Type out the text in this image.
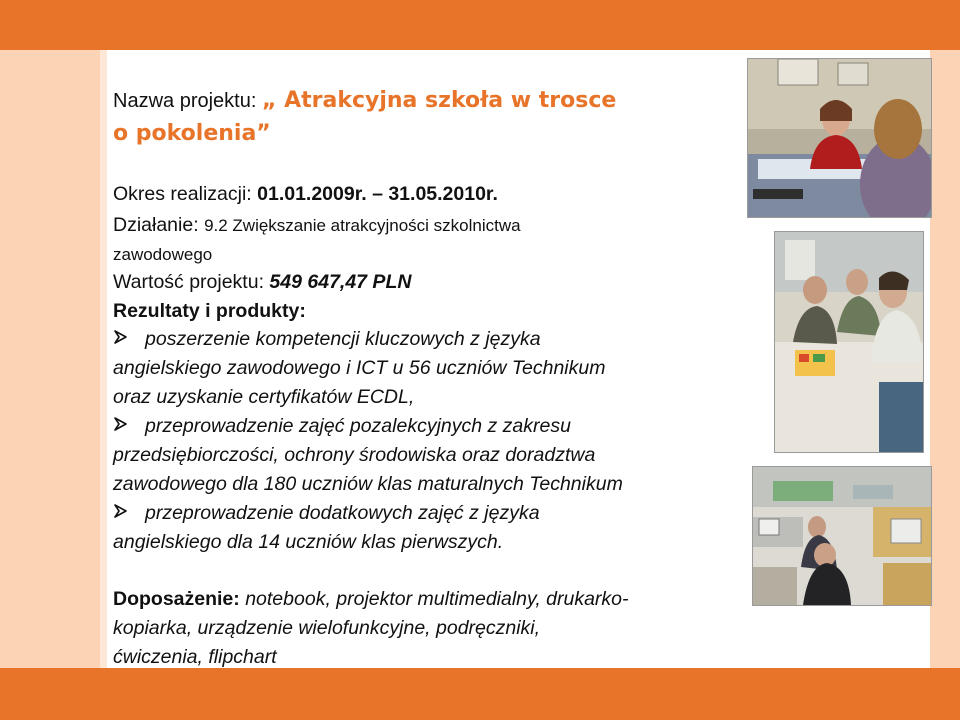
Nazwa projektu: „ Atrakcyjna szkoła w trosce
o pokolenia”
Okres realizacji: 01.01.2009r. – 31.05.2010r.
Działanie: 9.2 Zwiększanie atrakcyjności szkolnictwa
zawodowego
Wartość projektu: 549 647,47 PLN
Rezultaty i produkty:
poszerzenie kompetencji kluczowych z języka
angielskiego zawodowego i ICT u 56 uczniów Technikum
oraz uzyskanie certyfikatów ECDL,
przeprowadzenie zajęć pozalekcyjnych z zakresu
przedsiębiorczości, ochrony środowiska oraz doradztwa
zawodowego dla 180 uczniów klas maturalnych Technikum
przeprowadzenie dodatkowych zajęć z języka
angielskiego dla 14 uczniów klas pierwszych.
Doposażenie: notebook, projektor multimedialny, drukarko-
kopiarka, urządzenie wielofunkcyjne, podręczniki,
ćwiczenia, flipchart
